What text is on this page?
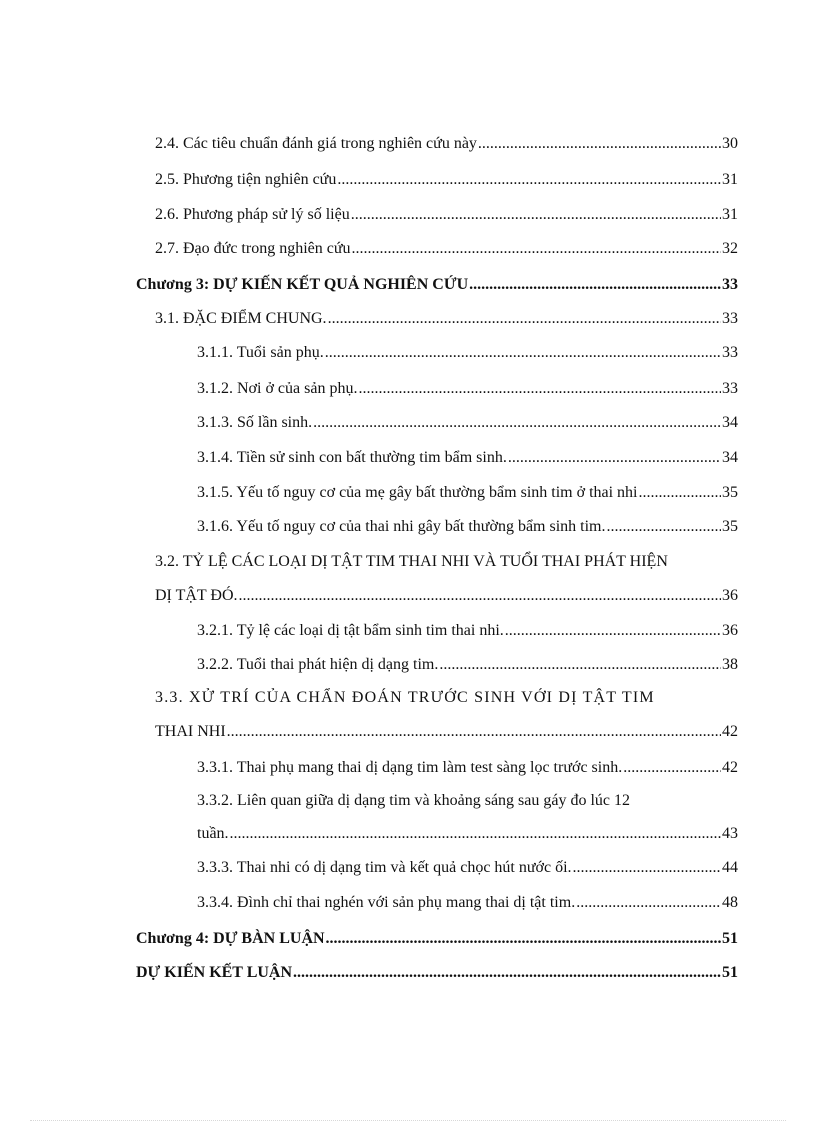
2.4. Các tiêu chuẩn đánh giá trong nghiên cứu này .....	30
2.5. Phương tiện nghiên cứu .....	31
2.6. Phương pháp sử lý số liệu .....	31
2.7. Đạo đức trong nghiên cứu .....	32
Chương 3: DỰ KIẾN KẾT QUẢ NGHIÊN CỨU .....	33
3.1. ĐẶC ĐIỂM CHUNG. .....	33
3.1.1. Tuổi sản phụ. .....	33
3.1.2. Nơi ở của sản phụ. .....	33
3.1.3. Số lần sinh. .....	34
3.1.4. Tiền sử sinh con bất thường tim bẩm sinh. .....	34
3.1.5. Yếu tố nguy cơ của mẹ gây bất thường bẩm sinh tim ở thai nhi .....	35
3.1.6. Yếu tố nguy cơ của thai nhi gây bất thường bẩm sinh tim. .....	35
3.2. TỶ LỆ CÁC LOẠI DỊ TẬT TIM THAI NHI VÀ TUỔI THAI PHÁT HIỆN
DỊ TẬT ĐÓ. .....	36
3.2.1. Tỷ lệ các loại dị tật bẩm sinh tim thai nhi. .....	36
3.2.2. Tuổi thai phát hiện dị dạng tim. .....	38
3.3. XỬ TRÍ CỦA CHẨN ĐOÁN TRƯỚC SINH VỚI DỊ TẬT TIM
THAI NHI .....	42
3.3.1. Thai phụ mang thai dị dạng tim làm test sàng lọc trước sinh. .....	42
3.3.2. Liên quan giữa dị dạng tim và khoảng sáng sau gáy đo lúc 12
tuần. .....	43
3.3.3. Thai nhi có dị dạng tim và kết quả chọc hút nước ối. .....	44
3.3.4. Đình chỉ thai nghén với sản phụ mang thai dị tật tim. .....	48
Chương 4: DỰ BÀN LUẬN .....	51
DỰ KIẾN KẾT LUẬN .....	51
